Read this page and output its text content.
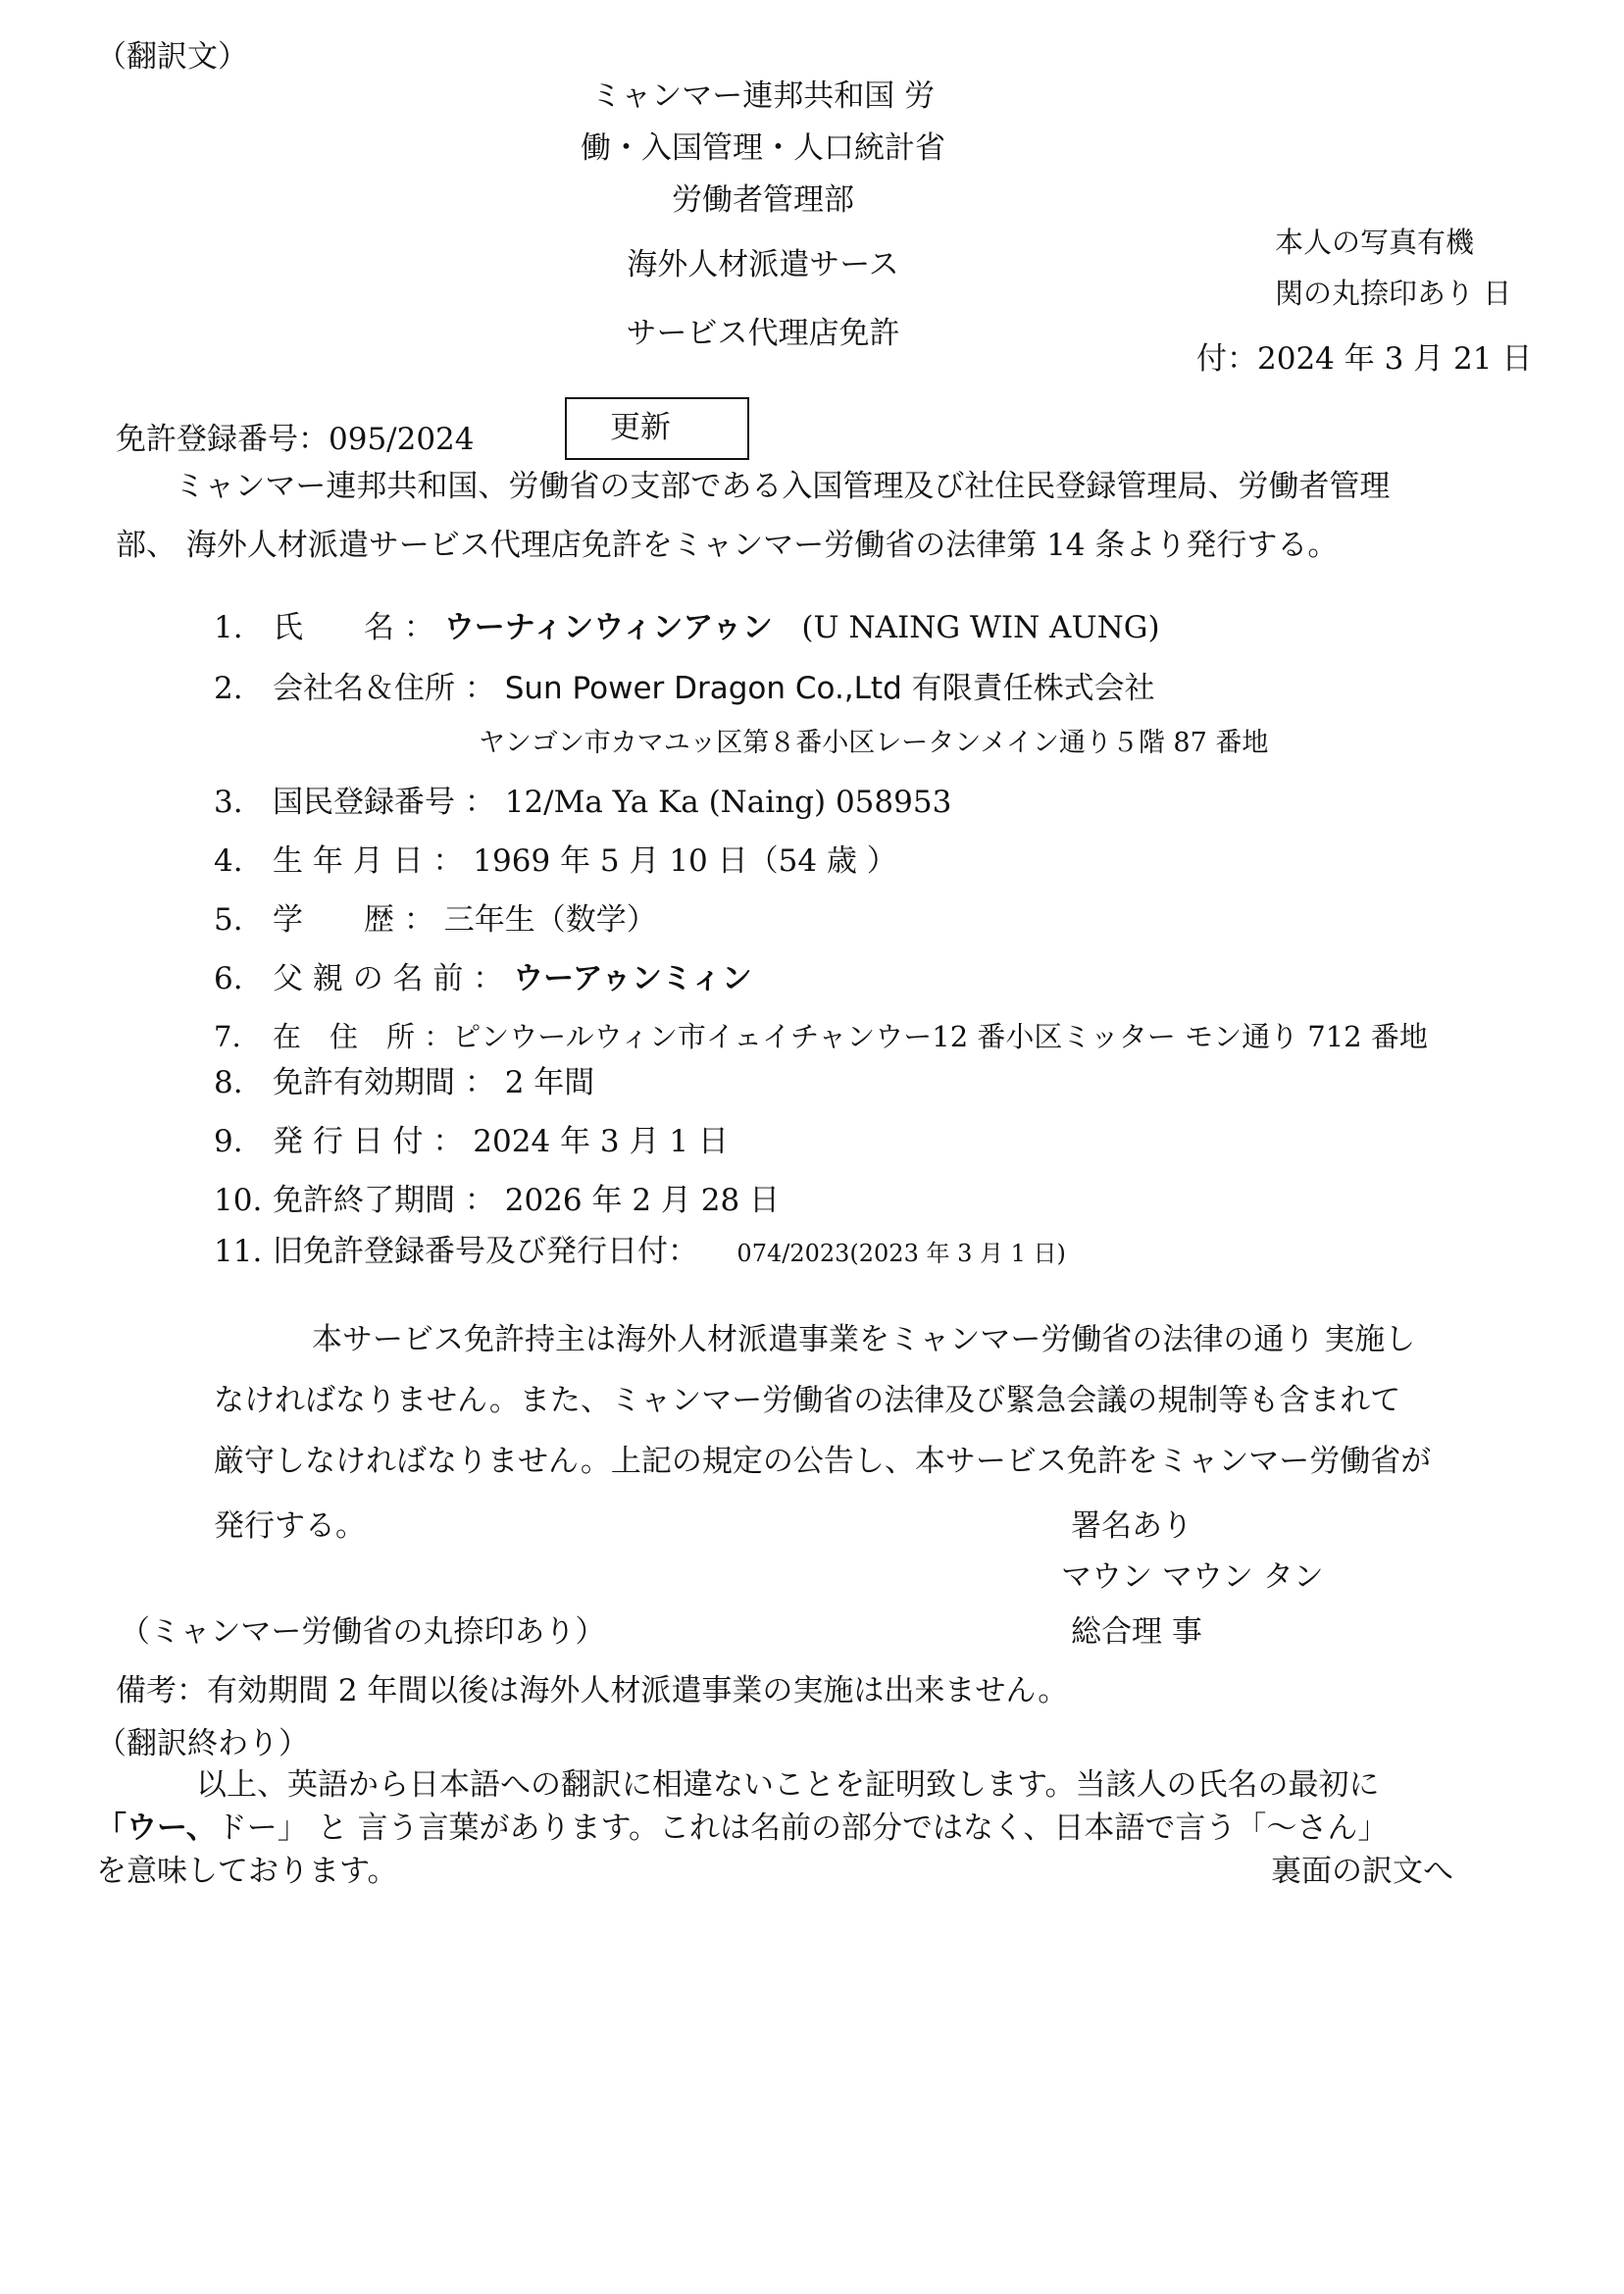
（翻訳文）
ミャンマー連邦共和国 労
働・入国管理・人口統計省
労働者管理部
海外人材派遣サース
サービス代理店免許
本人の写真有機
関の丸捺印あり 日
付：2024 年 3 月 21 日
免許登録番号：095/2024	更新
ミャンマー連邦共和国、労働省の支部である入国管理及び社住民登録管理局、労働者管理
部、 海外人材派遣サービス代理店免許をミャンマー労働省の法律第 14 条より発行する。
1. 氏　　名 ： ウーナィンウィンアゥン (U NAING WIN AUNG)
2. 会社名＆住所 ： Sun Power Dragon Co.,Ltd 有限責任株式会社
ヤンゴン市カマユッ区第８番小区レータンメイン通り５階 87 番地
3. 国民登録番号 ： 12/Ma Ya Ka (Naing) 058953
4. 生 年 月 日 ： 1969 年 5 月 10 日（54 歳 ）
5. 学　　歴 ： 三年生（数学）
6. 父 親 の 名 前 ： ウーアゥンミィン
7. 在　住　所 ：ピンウールウィン市イェイチャンウー12 番小区ミッター モン通り 712 番地
8. 免許有効期間 ： 2 年間
9. 発 行 日 付 ： 2024 年 3 月 1 日
10. 免許終了期間 ： 2026 年 2 月 28 日
11. 旧免許登録番号及び発行日付： 074/2023(2023 年 3 月 1 日)
本サービス免許持主は海外人材派遣事業をミャンマー労働省の法律の通り 実施し
なければなりません。また、ミャンマー労働省の法律及び緊急会議の規制等も含まれて
厳守しなければなりません。上記の規定の公告し、本サービス免許をミャンマー労働省が
発行する。	署名あり
マウン マウン タン
総合理 事
（ミャンマー労働省の丸捺印あり）
備考：有効期間 2 年間以後は海外人材派遣事業の実施は出来ません。
（翻訳終わり）
以上、英語から日本語への翻訳に相違ないことを証明致します。当該人の氏名の最初に
「ウー、ドー」 と 言う言葉があります。これは名前の部分ではなく、日本語で言う「〜さん」
を意味しております。	裏面の訳文へ
